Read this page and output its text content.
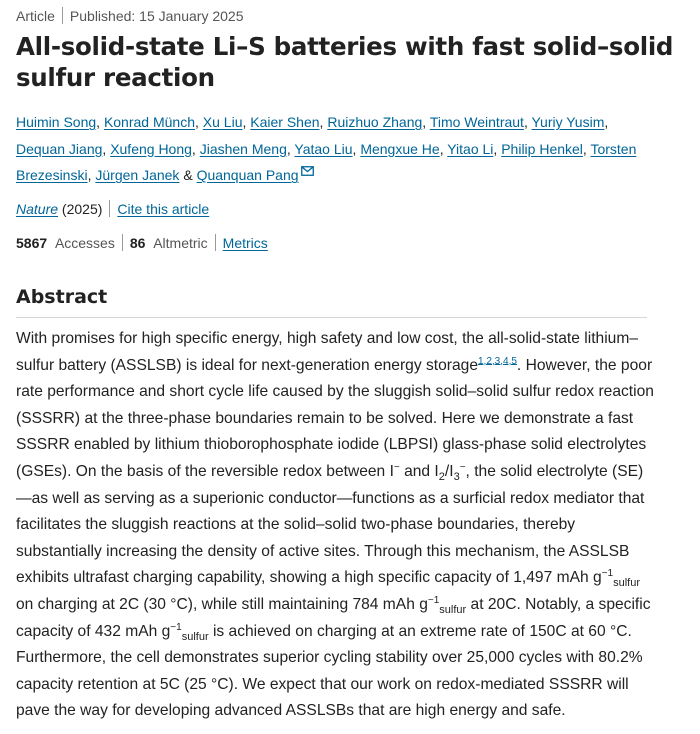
Article Published: 15 January 2025
All-solid-state Li–S batteries with fast solid–solid sulfur reaction
Huimin Song, Konrad Münch, Xu Liu, Kaier Shen, Ruizhuo Zhang, Timo Weintraut, Yuriy Yusim, Dequan Jiang, Xufeng Hong, Jiashen Meng, Yatao Liu, Mengxue He, Yitao Li, Philip Henkel, Torsten Brezesinski, Jürgen Janek & Quanquan Pang
Nature
(2025) Cite this article
5867
Accesses 86
Altmetric Metrics
Abstract

With promises for high specific energy, high safety and low cost, the all-solid-state lithium–sulfur battery (ASSLSB) is ideal for next-generation energy storage$^{1,2,3,4,5}$. However, the poor rate performance and short cycle life caused by the sluggish solid–solid sulfur redox reaction (SSSRR) at the three-phase boundaries remain to be solved. Here we demonstrate a fast SSSRR enabled by lithium thioborophosphate iodide (LBPSI) glass-phase solid electrolytes (GSEs). On the basis of the reversible redox between I− and $I_2/I_3^-$, the solid electrolyte (SE)—as well as serving as a superionic conductor—functions as a surficial redox mediator that facilitates the sluggish reactions at the solid–solid two-phase boundaries, thereby substantially increasing the density of active sites. Through this mechanism, the ASSLSB exhibits ultrafast charging capability, showing a high specific capacity of 1,497 mAh $g^{-1}_{sulfur}$ on charging at 2C (30 °C), while still maintaining 784 mAh $g^{-1}_{sulfur}$ at 20C. Notably, a specific capacity of 432 mAh $g^{-1}_{sulfur}$ is achieved on charging at an extreme rate of 150C at 60 °C. Furthermore, the cell demonstrates superior cycling stability over 25,000 cycles with 80.2% capacity retention at 5C (25 °C). We expect that our work on redox-mediated SSSRR will pave the way for developing advanced ASSLSBs that are high energy and safe.
